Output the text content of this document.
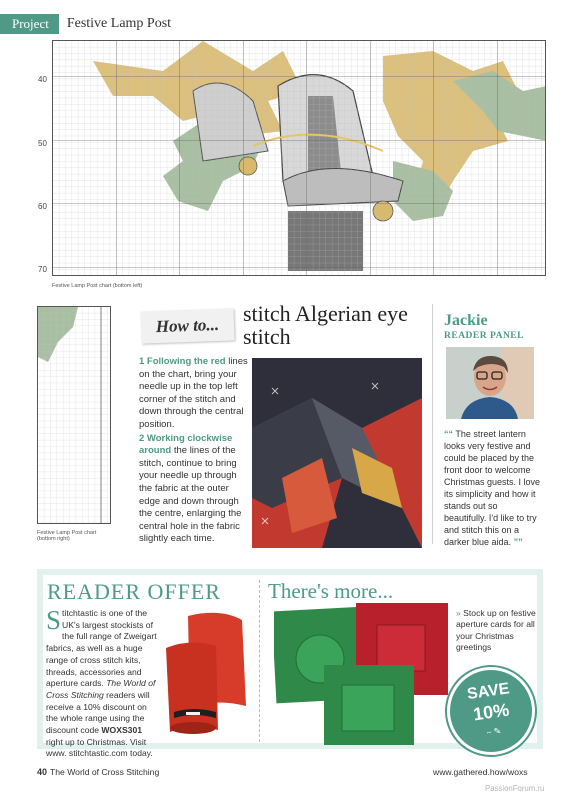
Project	Festive Lamp Post
40
50
60
70
Festive Lamp Post chart (bottom left)
Festive Lamp Post chart (bottom right)
How to... stitch Algerian eye stitch

1 Following the red lines on the chart, bring your needle up in the top left corner of the stitch and down through the central position.

2 Working clockwise around the lines of the stitch, continue to bring your needle up through the fabric at the outer edge and down through the centre, enlarging the central hole in the fabric slightly each time.

Jackie
READER PANEL
““ The street lantern looks very festive and could be placed by the front door to welcome Christmas guests. I love its simplicity and how it stands out so beautifully. I'd like to try and stitch this on a darker blue aida. ””
READER OFFER
Stitchtastic is one of the UK's largest stockists of the full range of Zweigart fabrics, as well as a huge range of cross stitch kits, threads, accessories and aperture cards. The World of Cross Stitching readers will receive a 10% discount on the whole range using the discount code WOXS301 right up to Christmas. Visit www. stitchtastic.com today.
There's more...
» Stock up on festive aperture cards for all your Christmas greetings
SAVE
10%
~ ✎
40 The World of Cross Stitching	www.gathered.how/woxs
PassionForum.ru
